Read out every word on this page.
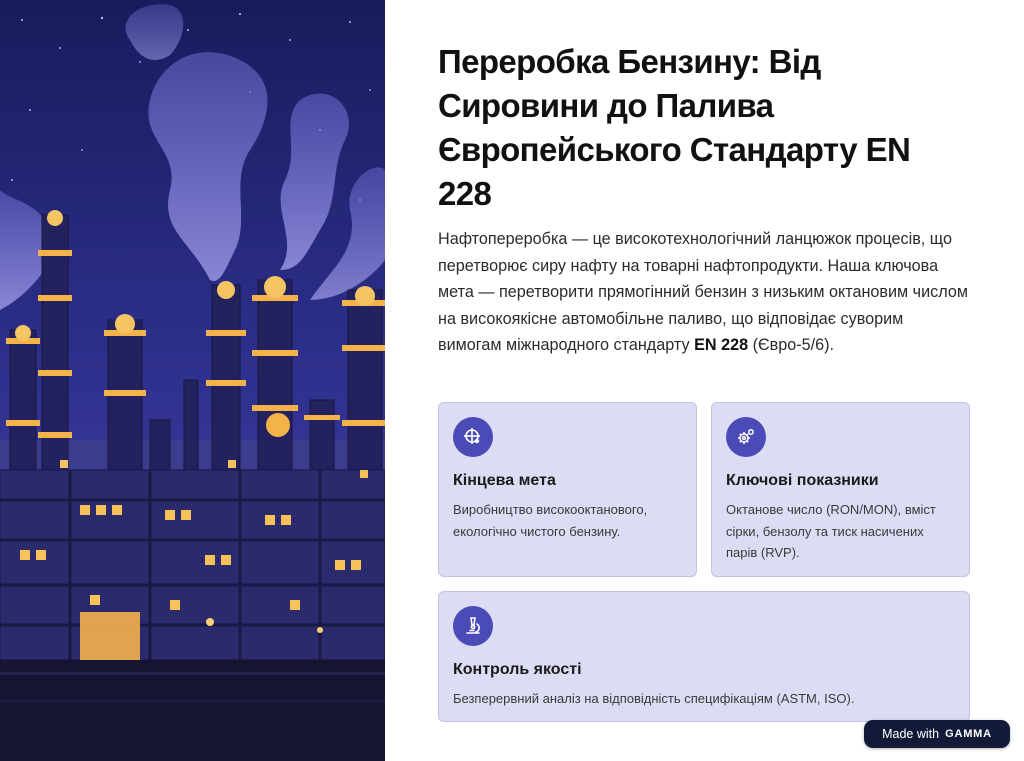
Переробка Бензину: Від Сировини до Палива Європейського Стандарту EN 228

Нафтопереробка — це високотехнологічний ланцюжок процесів, що перетворює сиру нафту на товарні нафтопродукти. Наша ключова мета — перетворити прямогінний бензин з низьким октановим числом на високоякісне автомобільне паливо, що відповідає суворим вимогам міжнародного стандарту EN 228 (Євро-5/6).

Кінцева мета
Виробництво високооктанового, екологічно чистого бензину.
Ключові показники
Октанове число (RON/MON), вміст сірки, бензолу та тиск насичених парів (RVP).
Контроль якості
Безперервний аналіз на відповідність специфікаціям (ASTM, ISO).
Made with GAMMA
